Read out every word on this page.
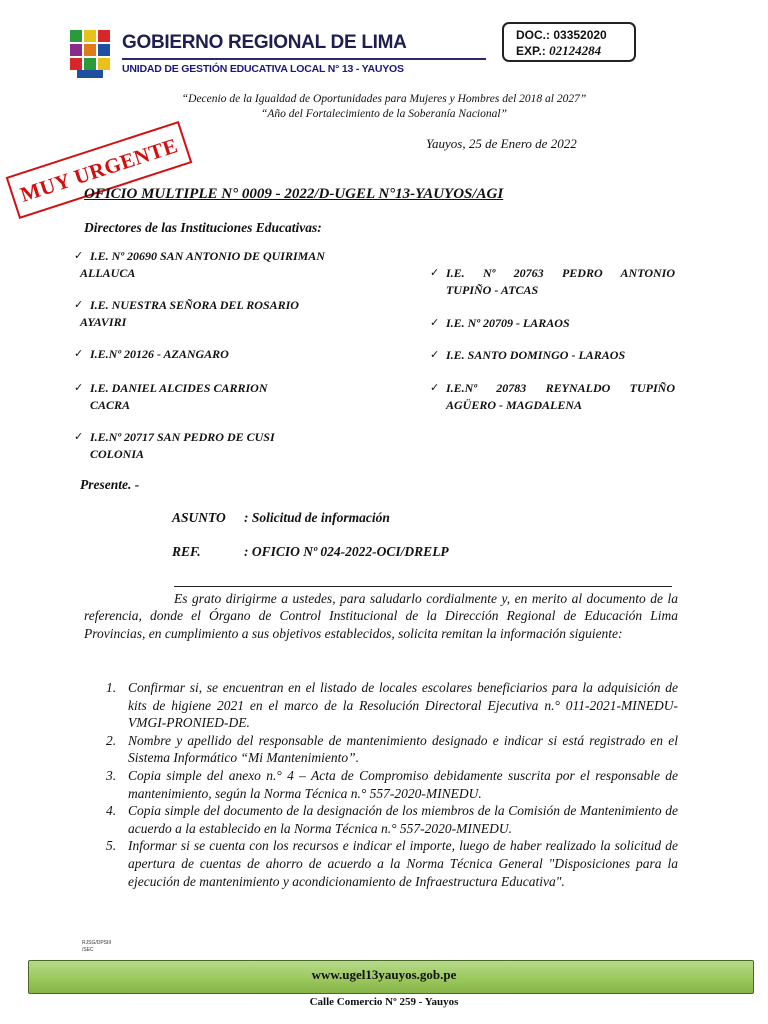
GOBIERNO REGIONAL DE LIMA
UNIDAD DE GESTIÓN EDUCATIVA LOCAL N° 13 - YAUYOS
DOC.: 03352020
EXP.: 02124284
“Decenio de la Igualdad de Oportunidades para Mujeres y Hombres del 2018 al 2027”
“Año del Fortalecimiento de la Soberanía Nacional”
Yauyos, 25 de Enero de 2022
MUY URGENTE
OFICIO MULTIPLE N° 0009 - 2022/D-UGEL N°13-YAUYOS/AGI
Directores de las Instituciones Educativas:
✓ I.E. Nº 20690 SAN ANTONIO DE QUIRIMAN
ALLAUCA
✓ I.E. NUESTRA SEÑORA DEL ROSARIO
AYAVIRI
✓ I.E.Nº 20126 - AZANGARO
✓ I.E. DANIEL ALCIDES CARRION
CACRA
✓ I.E.Nº 20717 SAN PEDRO DE CUSI
COLONIA
✓ I.E. Nº 20763 PEDRO ANTONIO
TUPIÑO - ATCAS
✓ I.E. Nº 20709 - LARAOS
✓ I.E. SANTO DOMINGO - LARAOS
✓ I.E.Nº 20783 REYNALDO TUPIÑO
AGÜERO - MAGDALENA
Presente. -
ASUNTO : Solicitud de información
REF.	: OFICIO Nº 024-2022-OCI/DRELP
Es grato dirigirme a ustedes, para saludarlo cordialmente y, en merito al documento de la referencia, donde el Órgano de Control Institucional de la Dirección Regional de Educación Lima Provincias, en cumplimiento a sus objetivos establecidos, solicita remitan la información siguiente:
1. Confirmar si, se encuentran en el listado de locales escolares beneficiarios para la adquisición de kits de higiene 2021 en el marco de la Resolución Directoral Ejecutiva n.° 011-2021-MINEDU-VMGI-PRONIED-DE.
2. Nombre y apellido del responsable de mantenimiento designado e indicar si está registrado en el Sistema Informático “Mi Mantenimiento”.
3. Copia simple del anexo n.° 4 – Acta de Compromiso debidamente suscrita por el responsable de mantenimiento, según la Norma Técnica n.° 557-2020-MINEDU.
4. Copia simple del documento de la designación de los miembros de la Comisión de Mantenimiento de acuerdo a la establecido en la Norma Técnica n.° 557-2020-MINEDU.
5. Informar si se cuenta con los recursos e indicar el importe, luego de haber realizado la solicitud de apertura de cuentas de ahorro de acuerdo a la Norma Técnica General "Disposiciones para la ejecución de mantenimiento y acondicionamiento de Infraestructura Educativa".
RJSG/DPSIII
/SEC
www.ugel13yauyos.gob.pe
Calle Comercio Nº 259 - Yauyos
